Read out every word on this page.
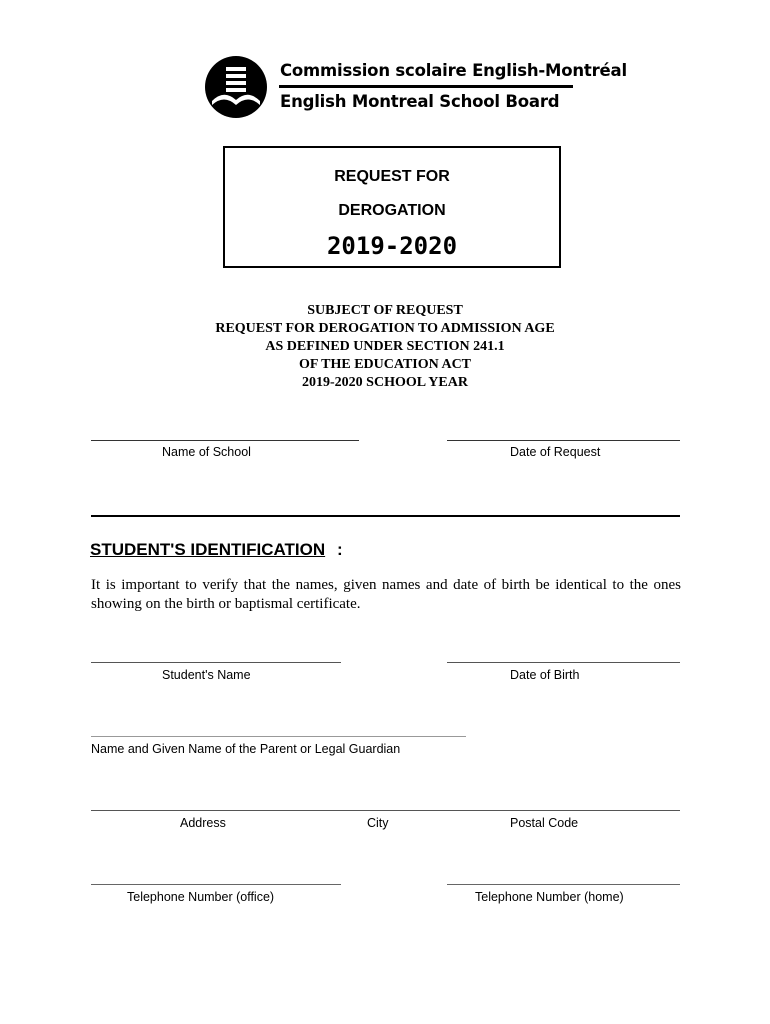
Commission scolaire English-Montréal
English Montreal School Board
REQUEST FOR
DEROGATION
2019-2020
SUBJECT OF REQUEST
REQUEST FOR DEROGATION TO ADMISSION AGE
AS DEFINED UNDER SECTION 241.1
OF THE EDUCATION ACT
2019-2020 SCHOOL YEAR
Name of School	Date of Request
STUDENT'S IDENTIFICATION :
It is important to verify that the names, given names and date of birth be identical to the ones showing on the birth or baptismal certificate.
Student's Name	Date of Birth
Name and Given Name of the Parent or Legal Guardian
Address	City	Postal Code
Telephone Number (office)	Telephone Number (home)
